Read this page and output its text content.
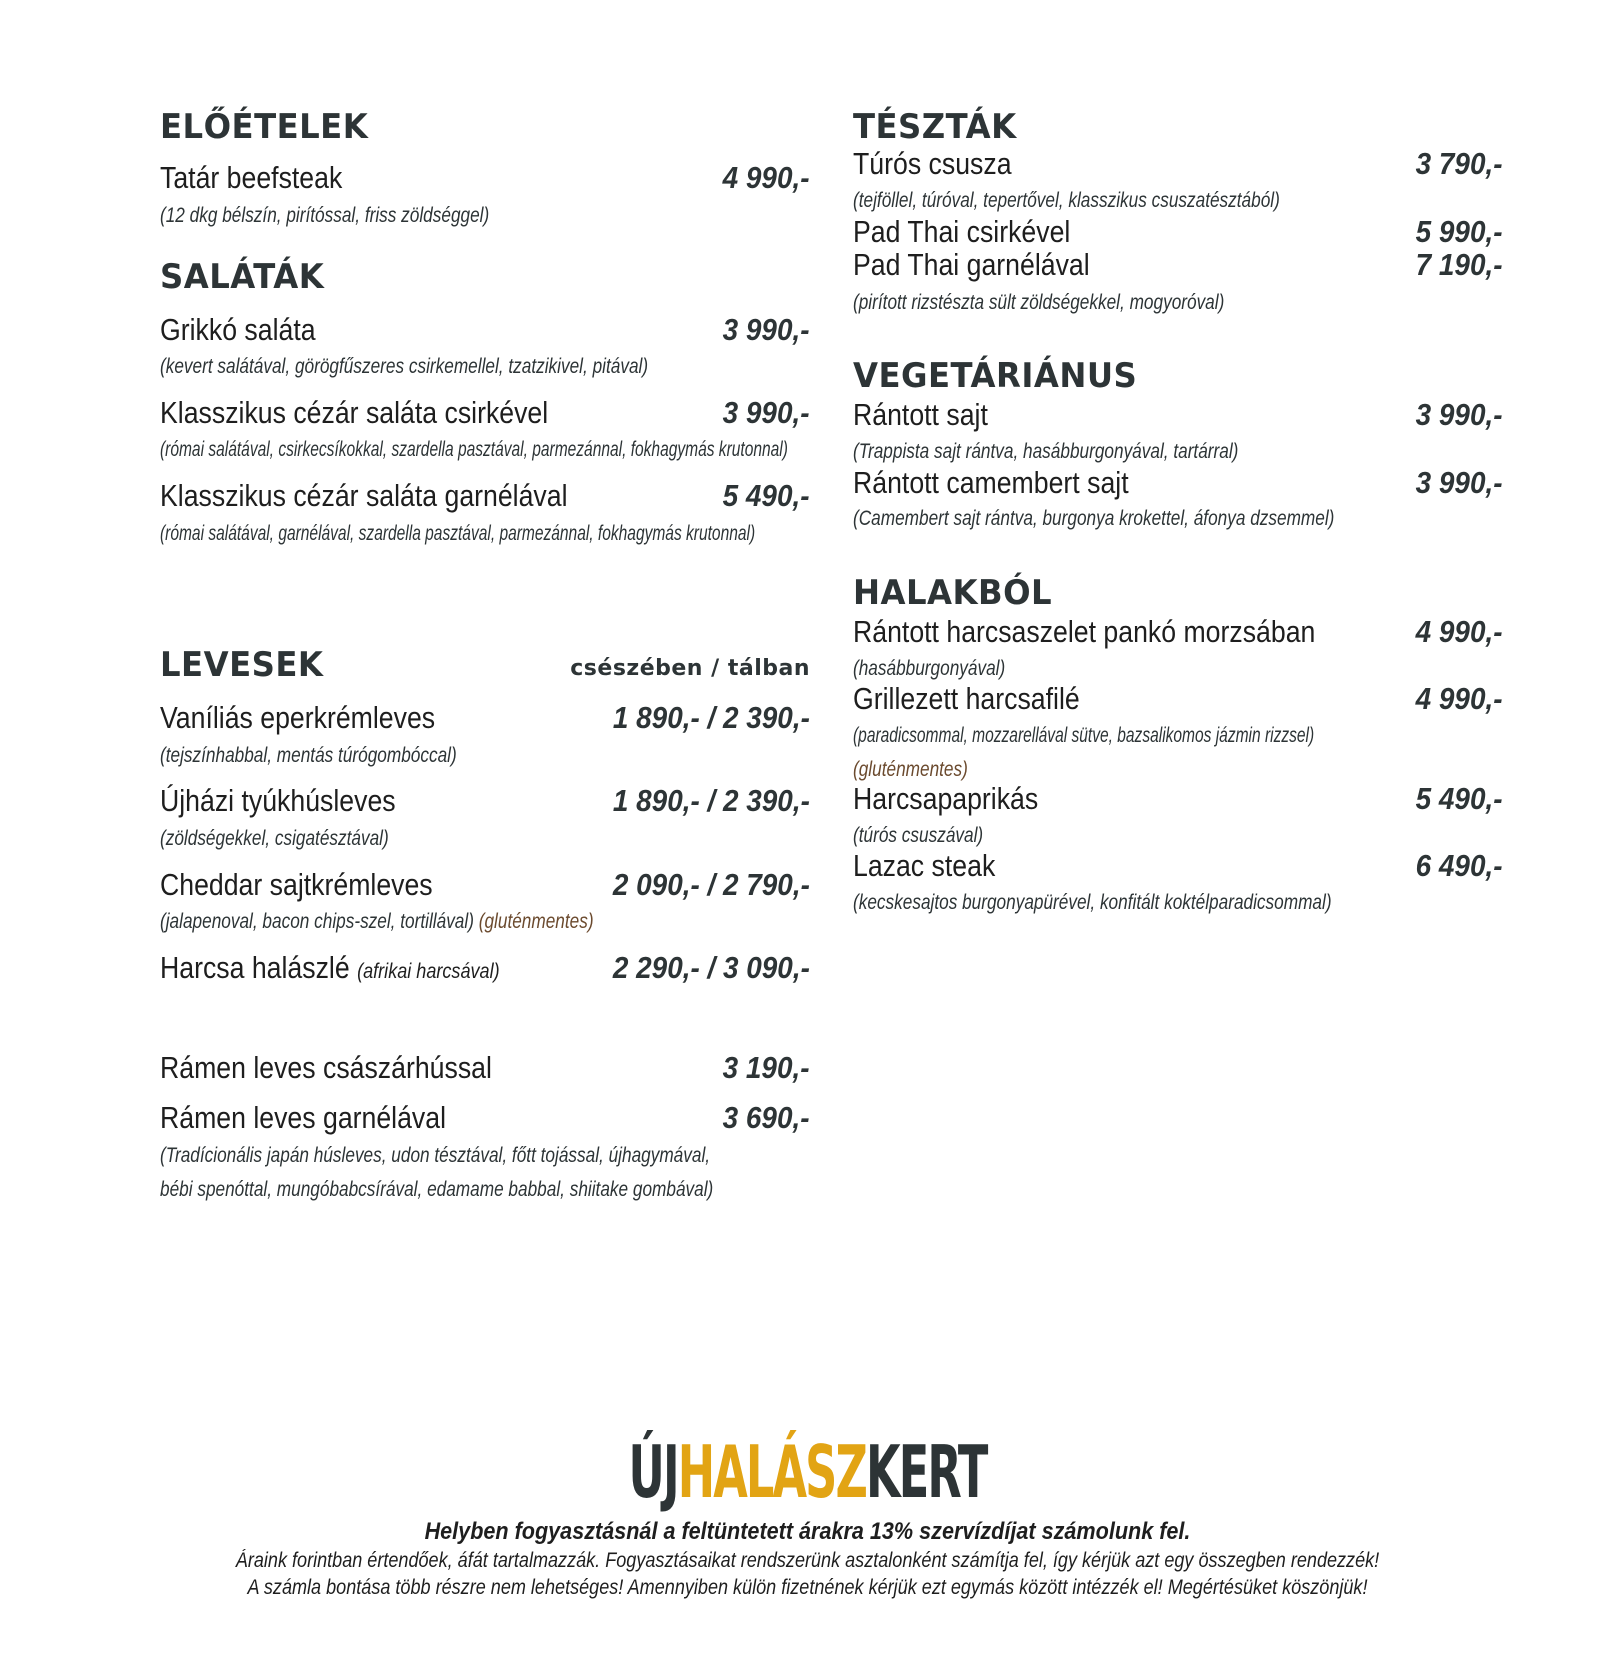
ELŐÉTELEK
Tatár beefsteak	4 990,-
(12 dkg bélszín, pirítóssal, friss zöldséggel)
SALÁTÁK
Grikkó saláta	3 990,-
(kevert salátával, görögfűszeres csirkemellel, tzatzikivel, pitával)
Klasszikus cézár saláta csirkével	3 990,-
(római salátával, csirkecsíkokkal, szardella pasztával, parmezánnal, fokhagymás krutonnal)
Klasszikus cézár saláta garnélával	5 490,-
(római salátával, garnélával, szardella pasztával, parmezánnal, fokhagymás krutonnal)
LEVESEK	csészében / tálban
Vaníliás eperkrémleves	1 890,- / 2 390,-
(tejszínhabbal, mentás túrógombóccal)
Újházi tyúkhúsleves	1 890,- / 2 390,-
(zöldségekkel, csigatésztával)
Cheddar sajtkrémleves	2 090,- / 2 790,-
(jalapenoval, bacon chips-szel, tortillával) (gluténmentes)
Harcsa halászlé (afrikai harcsával)	2 290,- / 3 090,-
Rámen leves császárhússal	3 190,-
Rámen leves garnélával	3 690,-
(Tradícionális japán húsleves, udon tésztával, főtt tojással, újhagymával,
bébi spenóttal, mungóbabcsírával, edamame babbal, shiitake gombával)
TÉSZTÁK
Túrós csusza	3 790,-
(tejföllel, túróval, tepertővel, klasszikus csuszatésztából)
Pad Thai csirkével	5 990,-
Pad Thai garnélával	7 190,-
(pirított rizstészta sült zöldségekkel, mogyoróval)
VEGETÁRIÁNUS
Rántott sajt	3 990,-
(Trappista sajt rántva, hasábburgonyával, tartárral)
Rántott camembert sajt	3 990,-
(Camembert sajt rántva, burgonya krokettel, áfonya dzsemmel)
HALAKBÓL
Rántott harcsaszelet pankó morzsában	4 990,-
(hasábburgonyával)
Grillezett harcsafilé	4 990,-
(paradicsommal, mozzarellával sütve, bazsalikomos jázmin rizzsel)
(gluténmentes)
Harcsapaprikás	5 490,-
(túrós csuszával)
Lazac steak	6 490,-
(kecskesajtos burgonyapürével, konfitált koktélparadicsommal)
ÚJHALÁSZKERT
Helyben fogyasztásnál a feltüntetett árakra 13% szervízdíjat számolunk fel.
Áraink forintban értendőek, áfát tartalmazzák. Fogyasztásaikat rendszerünk asztalonként számítja fel, így kérjük azt egy összegben rendezzék!
A számla bontása több részre nem lehetséges! Amennyiben külön fizetnének kérjük ezt egymás között intézzék el! Megértésüket köszönjük!
